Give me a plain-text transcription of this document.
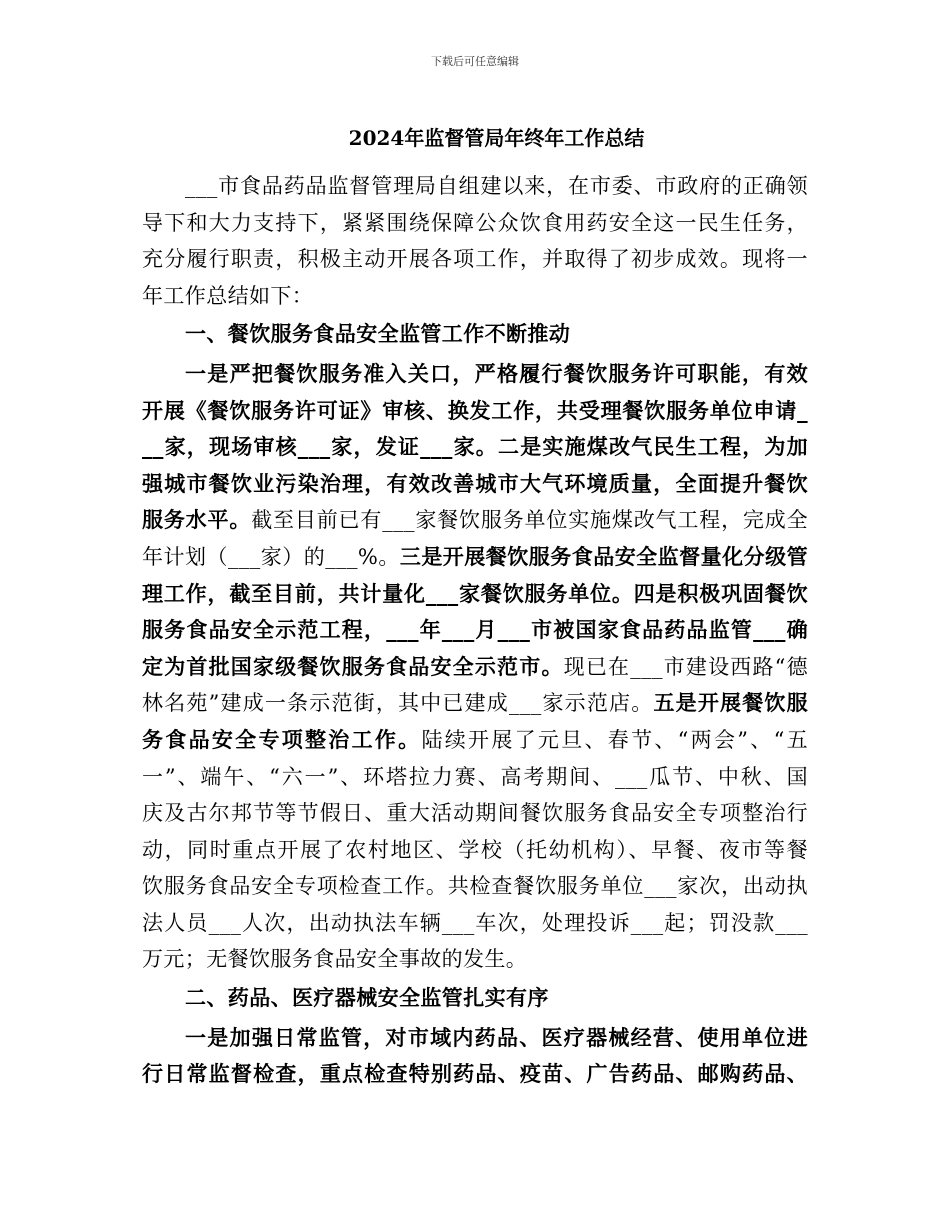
下载后可任意编辑
2024年监督管局年终年工作总结
___市食品药品监督管理局自组建以来，在市委、市政府的正确领
导下和大力支持下，紧紧围绕保障公众饮食用药安全这一民生任务，
充分履行职责，积极主动开展各项工作，并取得了初步成效。现将一
年工作总结如下：
一、餐饮服务食品安全监管工作不断推动
一是严把餐饮服务准入关口，严格履行餐饮服务许可职能，有效
开展《餐饮服务许可证》审核、换发工作，共受理餐饮服务单位申请_
__家，现场审核___家，发证___家。二是实施煤改气民生工程，为加
强城市餐饮业污染治理，有效改善城市大气环境质量，全面提升餐饮
服务水平。截至目前已有___家餐饮服务单位实施煤改气工程，完成全
年计划（___家）的___%。三是开展餐饮服务食品安全监督量化分级管
理工作，截至目前，共计量化___家餐饮服务单位。四是积极巩固餐饮
服务食品安全示范工程，___年___月___市被国家食品药品监管___确
定为首批国家级餐饮服务食品安全示范市。现已在___市建设西路“德
林名苑”建成一条示范街，其中已建成___家示范店。五是开展餐饮服
务食品安全专项整治工作。陆续开展了元旦、春节、“两会”、“五
一”、端午、“六一”、环塔拉力赛、高考期间、___瓜节、中秋、国
庆及古尔邦节等节假日、重大活动期间餐饮服务食品安全专项整治行
动，同时重点开展了农村地区、学校（托幼机构）、早餐、夜市等餐
饮服务食品安全专项检查工作。共检查餐饮服务单位___家次，出动执
法人员___人次，出动执法车辆___车次，处理投诉___起；罚没款___
万元；无餐饮服务食品安全事故的发生。
二、药品、医疗器械安全监管扎实有序
一是加强日常监管，对市域内药品、医疗器械经营、使用单位进
行日常监督检查，重点检查特别药品、疫苗、广告药品、邮购药品、
